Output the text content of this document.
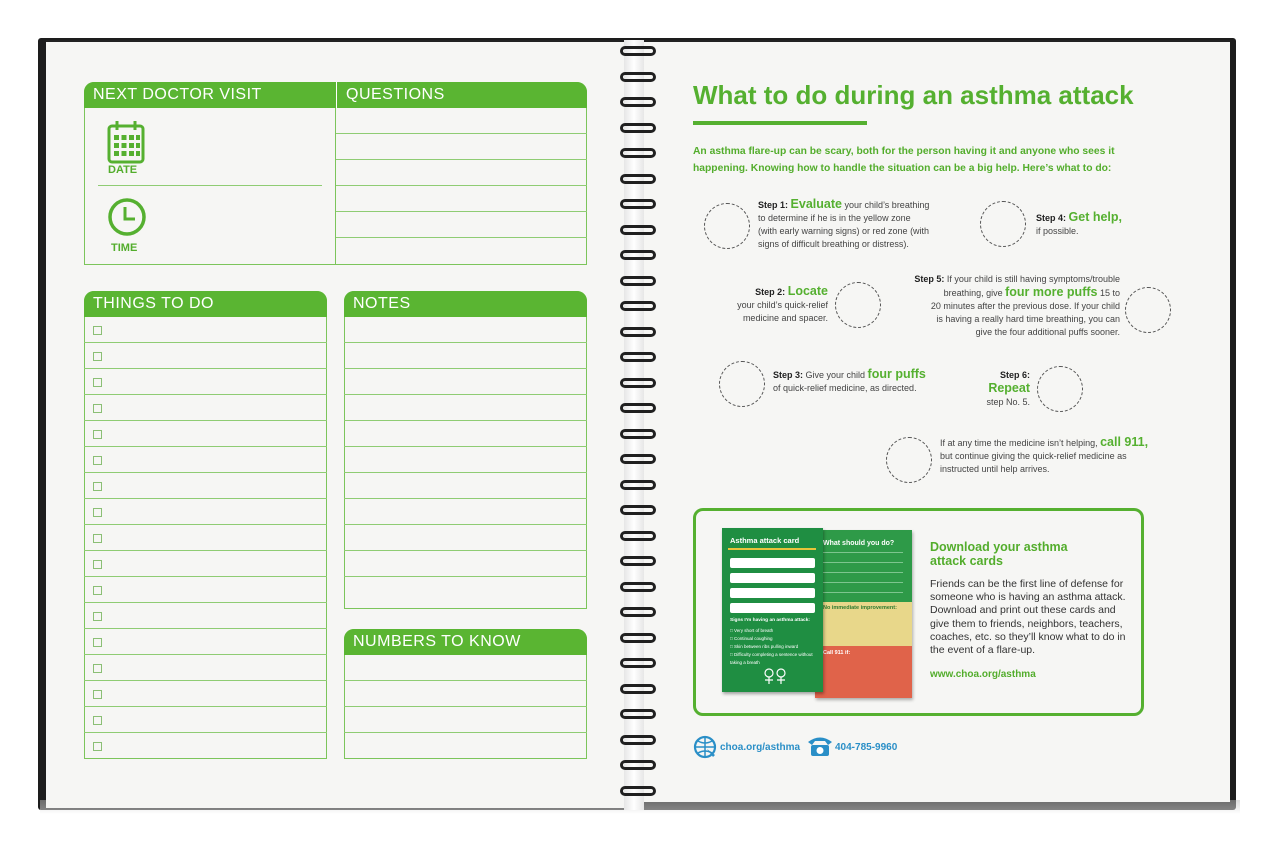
NEXT DOCTOR VISIT	QUESTIONS
DATE
TIME
THINGS TO DO	NOTES
NUMBERS TO KNOW
What to do during an asthma attack
An asthma flare-up can be scary, both for the person having it and anyone who sees it happening. Knowing how to handle the situation can be a big help. Here’s what to do:
Step 1: Evaluate your child’s breathing
to determine if he is in the yellow zone
(with early warning signs) or red zone (with
signs of difficult breathing or distress).
Step 4: Get help,
if possible.
Step 2: Locate
your child’s quick-relief
medicine and spacer.
Step 5: If your child is still having symptoms/trouble
breathing, give four more puffs 15 to
20 minutes after the previous dose. If your child
is having a really hard time breathing, you can
give the four additional puffs sooner.
Step 3: Give your child four puffs
of quick-relief medicine, as directed.
Step 6:
Repeat
step No. 5.
If at any time the medicine isn’t helping, call 911,
but continue giving the quick-relief medicine as
instructed until help arrives.
What should you do?
No immediate improvement:
Call 911 if:
Asthma attack card
Signs I’m having an asthma attack:
□ Very short of breath
□ Continual coughing
□ Skin between ribs pulling inward
□ Difficulty completing a sentence without taking a breath
Download your asthma
attack cards
Friends can be the first line of defense for someone who is having an asthma attack. Download and print out these cards and give them to friends, neighbors, teachers, coaches, etc. so they’ll know what to do in the event of a flare-up.
www.choa.org/asthma
choa.org/asthma	404-785-9960
